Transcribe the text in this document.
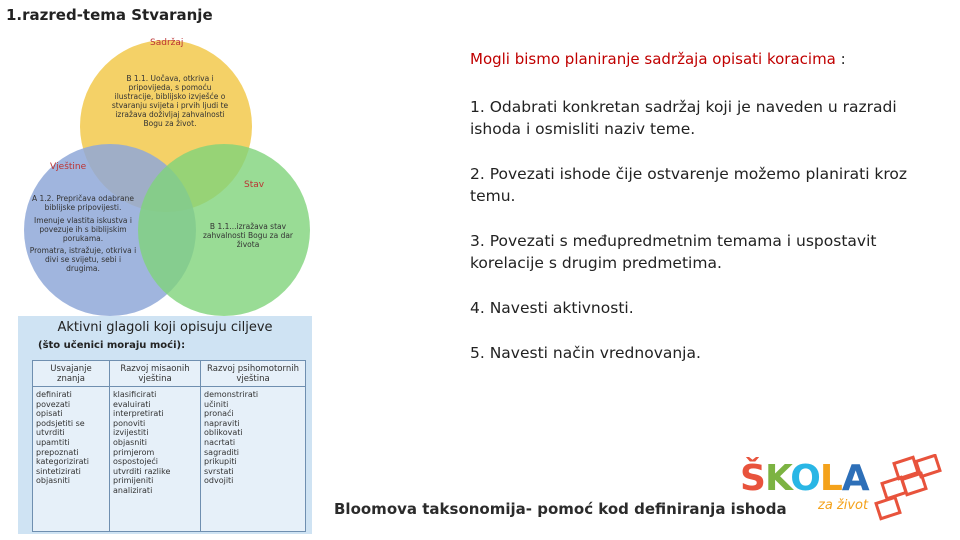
1.razred-tema Stvaranje
Sadržaj
Vještine
Stav
B 1.1. Uočava, otkriva i pripovijeda, s pomoću ilustracije, biblijsko izvješće o stvaranju svijeta i prvih ljudi te izražava doživljaj zahvalnosti Bogu za život.
A 1.2. Prepričava odabrane biblijske pripovijesti.
Imenuje vlastita iskustva i povezuje ih s biblijskim porukama.
Promatra, istražuje, otkriva i divi se svijetu, sebi i drugima.
B 1.1...izražava stav zahvalnosti Bogu za dar života
Aktivni glagoli koji opisuju ciljeve
(što učenici moraju moći):
Usvajanje znanja
definirati
povezati
opisati
podsjetiti se
utvrditi
upamtiti
prepoznati
kategorizirati
sintetizirati
objasniti
Razvoj misaonih vještina
klasificirati
evaluirati
interpretirati
ponoviti
izvijestiti
objasniti
primjerom
ospostojeći
utvrditi razlike
primijeniti
analizirati
Razvoj psihomotornih vještina
demonstrirati
učiniti
pronaći
napraviti
oblikovati
nacrtati
sagraditi
prikupiti
svrstati
odvojiti
Mogli bismo planiranje sadržaja opisati koracima :
1. Odabrati konkretan sadržaj koji je naveden u razradi ishoda i osmisliti naziv teme.
2. Povezati ishode čije ostvarenje možemo planirati kroz temu.
3. Povezati s međupredmetnim temama i uspostavit korelacije s drugim predmetima.
4. Navesti aktivnosti.
5. Navesti način vrednovanja.
Bloomova taksonomija- pomoć kod definiranja ishoda
ŠKOLA
za život
